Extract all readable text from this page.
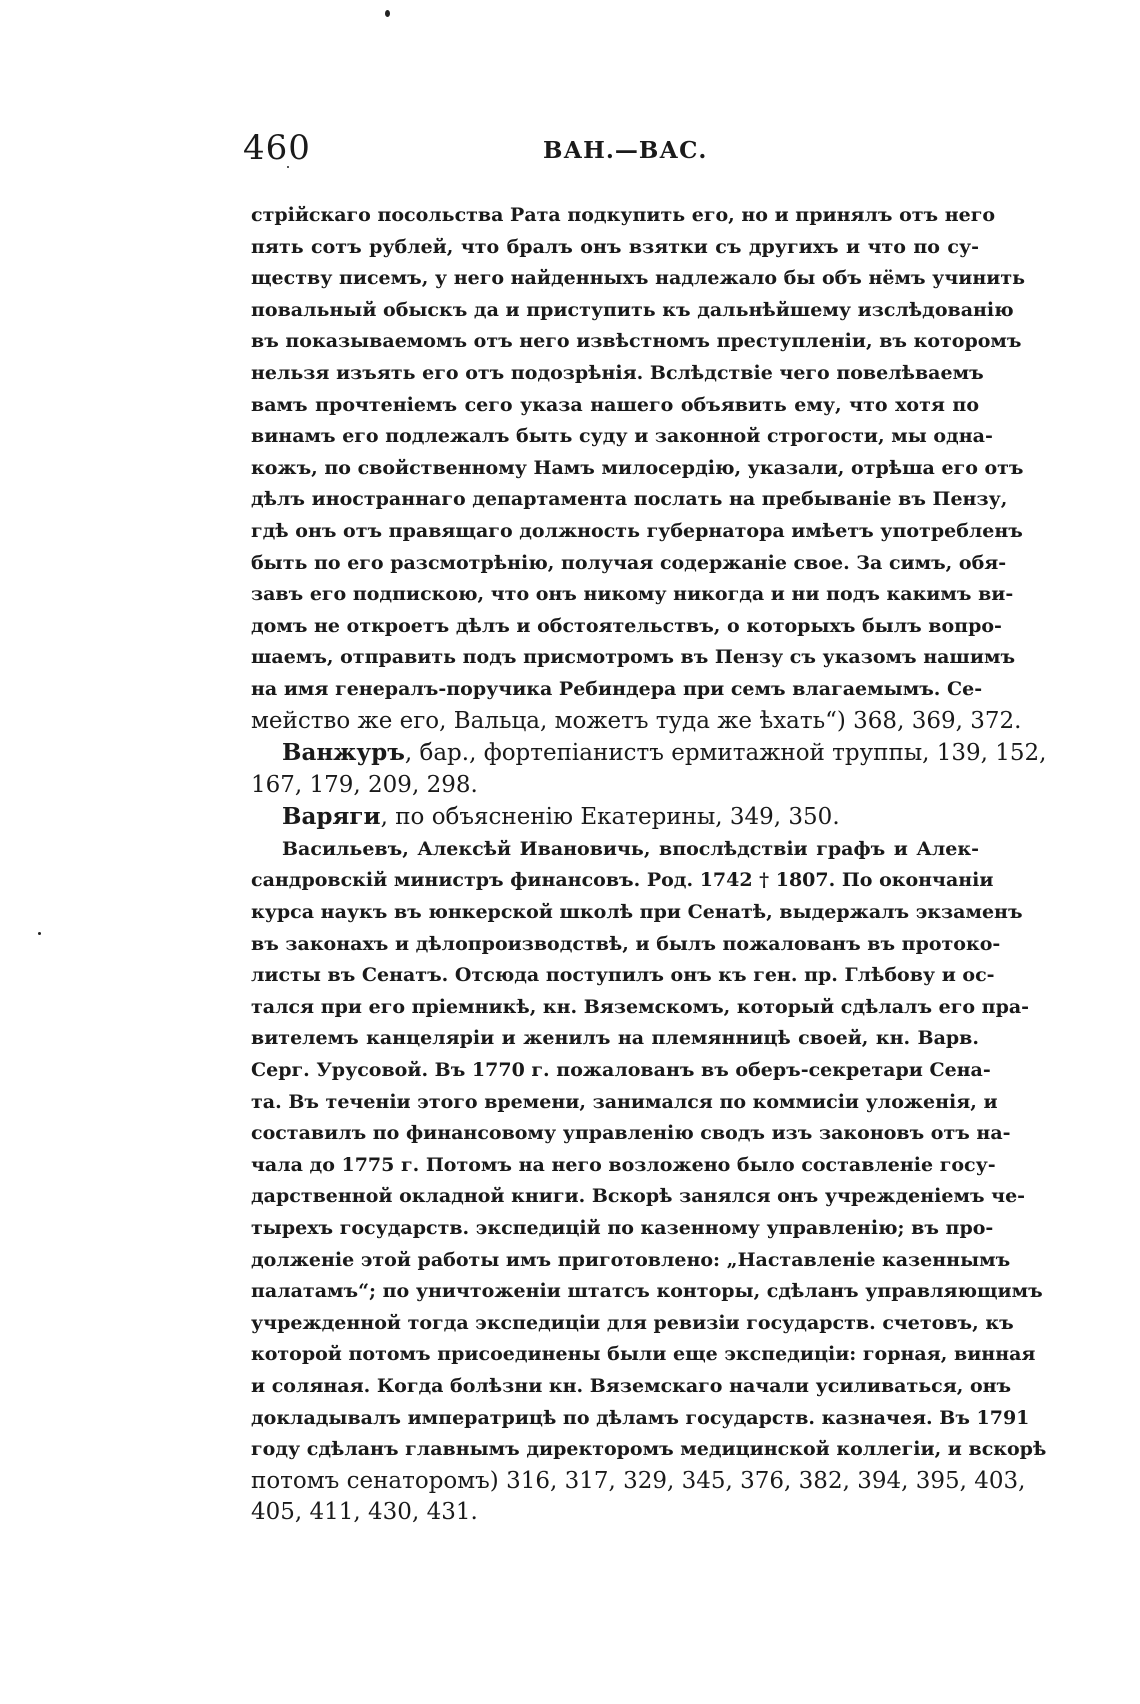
460	ВАН.—ВАС.
стрійскаго посольства Рата подкупить его, но и принялъ отъ него
пять сотъ рублей, что бралъ онъ взятки съ другихъ и что по су-
ществу писемъ, у него найденныхъ надлежало бы объ нёмъ учинить
повальный обыскъ да и приступить къ дальнѣйшему изслѣдованію
въ показываемомъ отъ него извѣстномъ преступленіи, въ которомъ
нельзя изъять его отъ подозрѣнія. Вслѣдствіе чего повелѣваемъ
вамъ прочтеніемъ сего указа нашего объявить ему, что хотя по
винамъ его подлежалъ быть суду и законной строгости, мы одна-
кожъ, по свойственному Намъ милосердію, указали, отрѣша его отъ
дѣлъ иностраннаго департамента послать на пребываніе въ Пензу,
гдѣ онъ отъ правящаго должность губернатора имѣетъ употребленъ
быть по его разсмотрѣнію, получая содержаніе свое. За симъ, обя-
завъ его подпискою, что онъ никому никогда и ни подъ какимъ ви-
домъ не откроетъ дѣлъ и обстоятельствъ, о которыхъ былъ вопро-
шаемъ, отправить подъ присмотромъ въ Пензу съ указомъ нашимъ
на имя генералъ-поручика Ребиндера при семъ влагаемымъ. Се-
мейство же его, Вальца, можетъ туда же ѣхать“) 368, 369, 372.
Ванжуръ, бар., фортепіанистъ ермитажной труппы, 139, 152,
167, 179, 209, 298.
Варяги, по объясненію Екатерины, 349, 350.
Васильевъ, Алексѣй Ивановичь, впослѣдствіи графъ и Алек-
сандровскій министръ финансовъ. Род. 1742 † 1807. По окончаніи
курса наукъ въ юнкерской школѣ при Сенатѣ, выдержалъ экзаменъ
въ законахъ и дѣлопроизводствѣ, и былъ пожалованъ въ протоко-
листы въ Сенатъ. Отсюда поступилъ онъ къ ген. пр. Глѣбову и ос-
тался при его пріемникѣ, кн. Вяземскомъ, который сдѣлалъ его пра-
вителемъ канцеляріи и женилъ на племянницѣ своей, кн. Варв.
Серг. Урусовой. Въ 1770 г. пожалованъ въ оберъ-секретари Сена-
та. Въ теченіи этого времени, занимался по коммисіи уложенія, и
составилъ по финансовому управленію сводъ изъ законовъ отъ на-
чала до 1775 г. Потомъ на него возложено было составленіе госу-
дарственной окладной книги. Вскорѣ занялся онъ учрежденіемъ че-
тырехъ государств. экспедицій по казенному управленію; въ про-
долженіе этой работы имъ приготовлено: „Наставленіе казеннымъ
палатамъ“; по уничтоженіи штатсъ конторы, сдѣланъ управляющимъ
учрежденной тогда экспедиціи для ревизіи государств. счетовъ, къ
которой потомъ присоединены были еще экспедиціи: горная, винная
и соляная. Когда болѣзни кн. Вяземскаго начали усиливаться, онъ
докладывалъ императрицѣ по дѣламъ государств. казначея. Въ 1791
году сдѣланъ главнымъ директоромъ медицинской коллегіи, и вскорѣ
потомъ сенаторомъ) 316, 317, 329, 345, 376, 382, 394, 395, 403,
405, 411, 430, 431.
